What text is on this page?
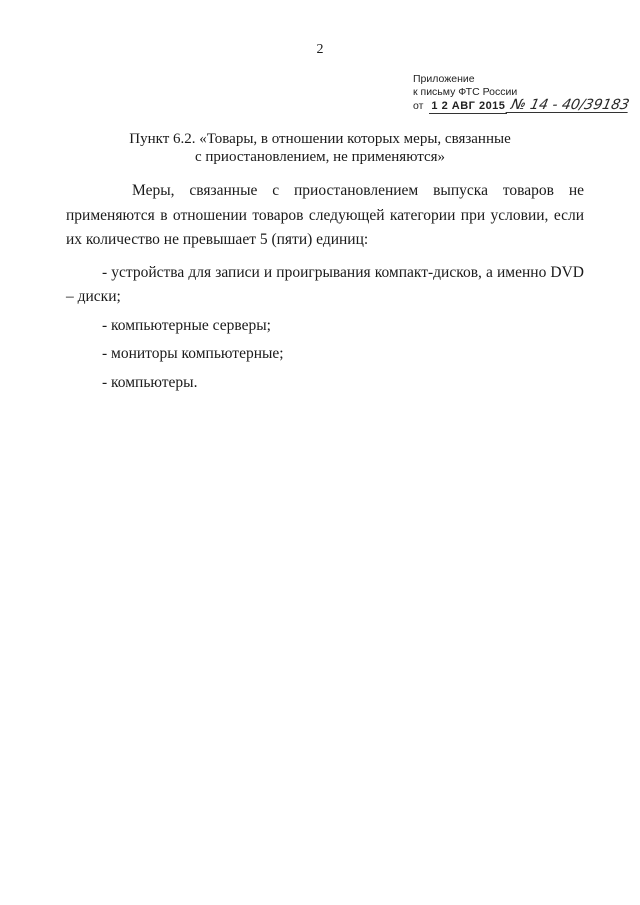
2
Приложение
к письму ФТС России
от 1 2 АВГ 2015 № 14 - 40/39183
Пункт 6.2. «Товары, в отношении которых меры, связанные
с приостановлением, не применяются»

Меры, связанные с приостановлением выпуска товаров не применяются в отношении товаров следующей категории при условии, если их количество не превышает 5 (пяти) единиц:

- устройства для записи и проигрывания компакт-дисков, а именно DVD – диски;

- компьютерные серверы;

- мониторы компьютерные;

- компьютеры.
